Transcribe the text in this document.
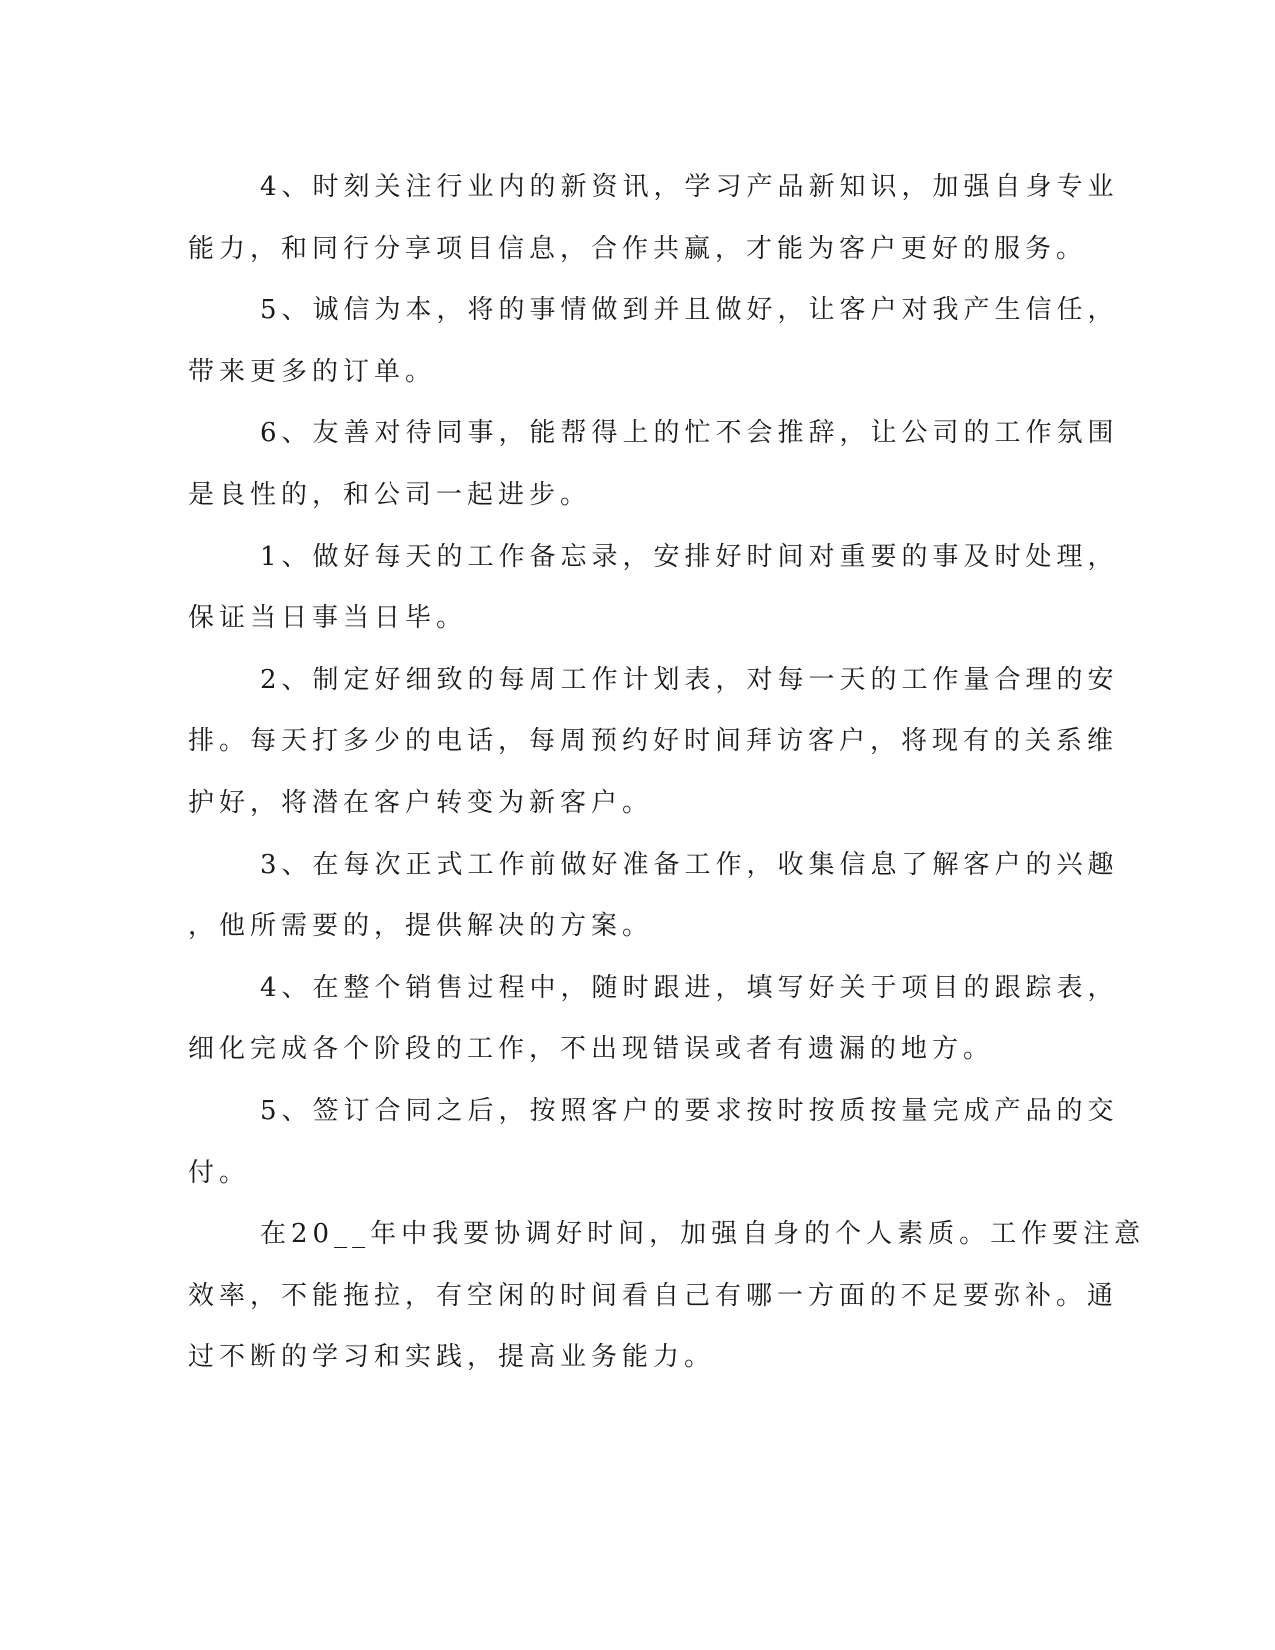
4、时刻关注行业内的新资讯，学习产品新知识，加强自身专业
能力，和同行分享项目信息，合作共赢，才能为客户更好的服务。
5、诚信为本，将的事情做到并且做好，让客户对我产生信任，
带来更多的订单。
6、友善对待同事，能帮得上的忙不会推辞，让公司的工作氛围
是良性的，和公司一起进步。
1、做好每天的工作备忘录，安排好时间对重要的事及时处理，
保证当日事当日毕。
2、制定好细致的每周工作计划表，对每一天的工作量合理的安
排。每天打多少的电话，每周预约好时间拜访客户，将现有的关系维
护好，将潜在客户转变为新客户。
3、在每次正式工作前做好准备工作，收集信息了解客户的兴趣
，他所需要的，提供解决的方案。
4、在整个销售过程中，随时跟进，填写好关于项目的跟踪表，
细化完成各个阶段的工作，不出现错误或者有遗漏的地方。
5、签订合同之后，按照客户的要求按时按质按量完成产品的交
付。
在20__年中我要协调好时间，加强自身的个人素质。工作要注意
效率，不能拖拉，有空闲的时间看自己有哪一方面的不足要弥补。通
过不断的学习和实践，提高业务能力。
